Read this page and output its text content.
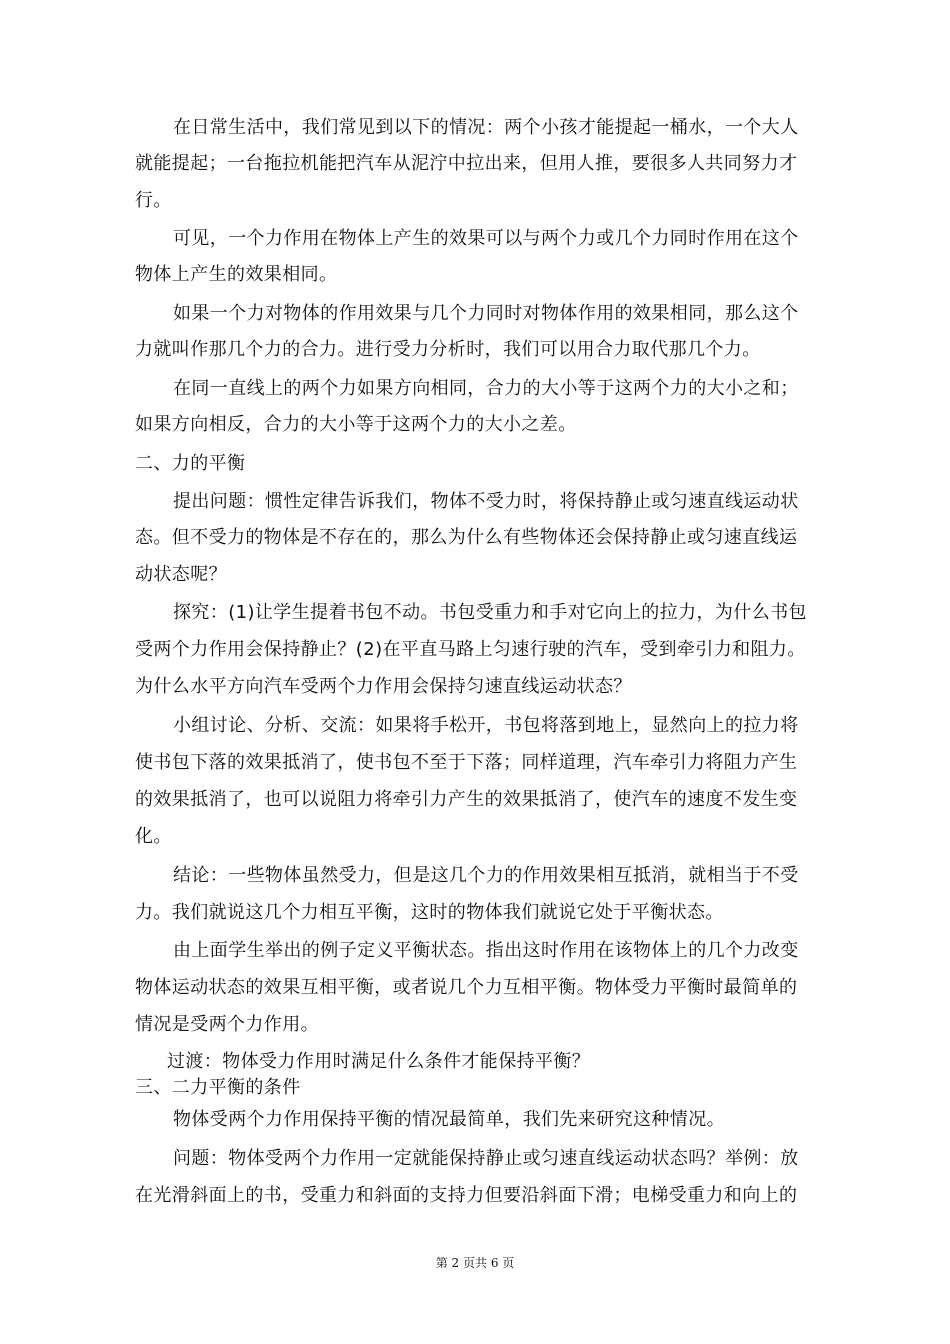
在日常生活中，我们常见到以下的情况：两个小孩才能提起一桶水，一个大人
就能提起；一台拖拉机能把汽车从泥泞中拉出来，但用人推，要很多人共同努力才
行。
可见，一个力作用在物体上产生的效果可以与两个力或几个力同时作用在这个
物体上产生的效果相同。
如果一个力对物体的作用效果与几个力同时对物体作用的效果相同，那么这个
力就叫作那几个力的合力。进行受力分析时，我们可以用合力取代那几个力。
在同一直线上的两个力如果方向相同，合力的大小等于这两个力的大小之和；
如果方向相反，合力的大小等于这两个力的大小之差。
二、力的平衡
提出问题：惯性定律告诉我们，物体不受力时，将保持静止或匀速直线运动状
态。但不受力的物体是不存在的，那么为什么有些物体还会保持静止或匀速直线运
动状态呢？
探究：(1)让学生提着书包不动。书包受重力和手对它向上的拉力，为什么书包
受两个力作用会保持静止？(2)在平直马路上匀速行驶的汽车，受到牵引力和阻力。
为什么水平方向汽车受两个力作用会保持匀速直线运动状态？
小组讨论、分析、交流：如果将手松开，书包将落到地上，显然向上的拉力将
使书包下落的效果抵消了，使书包不至于下落；同样道理，汽车牵引力将阻力产生
的效果抵消了，也可以说阻力将牵引力产生的效果抵消了，使汽车的速度不发生变
化。
结论：一些物体虽然受力，但是这几个力的作用效果相互抵消，就相当于不受
力。我们就说这几个力相互平衡，这时的物体我们就说它处于平衡状态。
由上面学生举出的例子定义平衡状态。指出这时作用在该物体上的几个力改变
物体运动状态的效果互相平衡，或者说几个力互相平衡。物体受力平衡时最简单的
情况是受两个力作用。
过渡：物体受力作用时满足什么条件才能保持平衡？
三、二力平衡的条件
物体受两个力作用保持平衡的情况最简单，我们先来研究这种情况。
问题：物体受两个力作用一定就能保持静止或匀速直线运动状态吗？举例：放
在光滑斜面上的书，受重力和斜面的支持力但要沿斜面下滑；电梯受重力和向上的
第 2 页共 6 页
